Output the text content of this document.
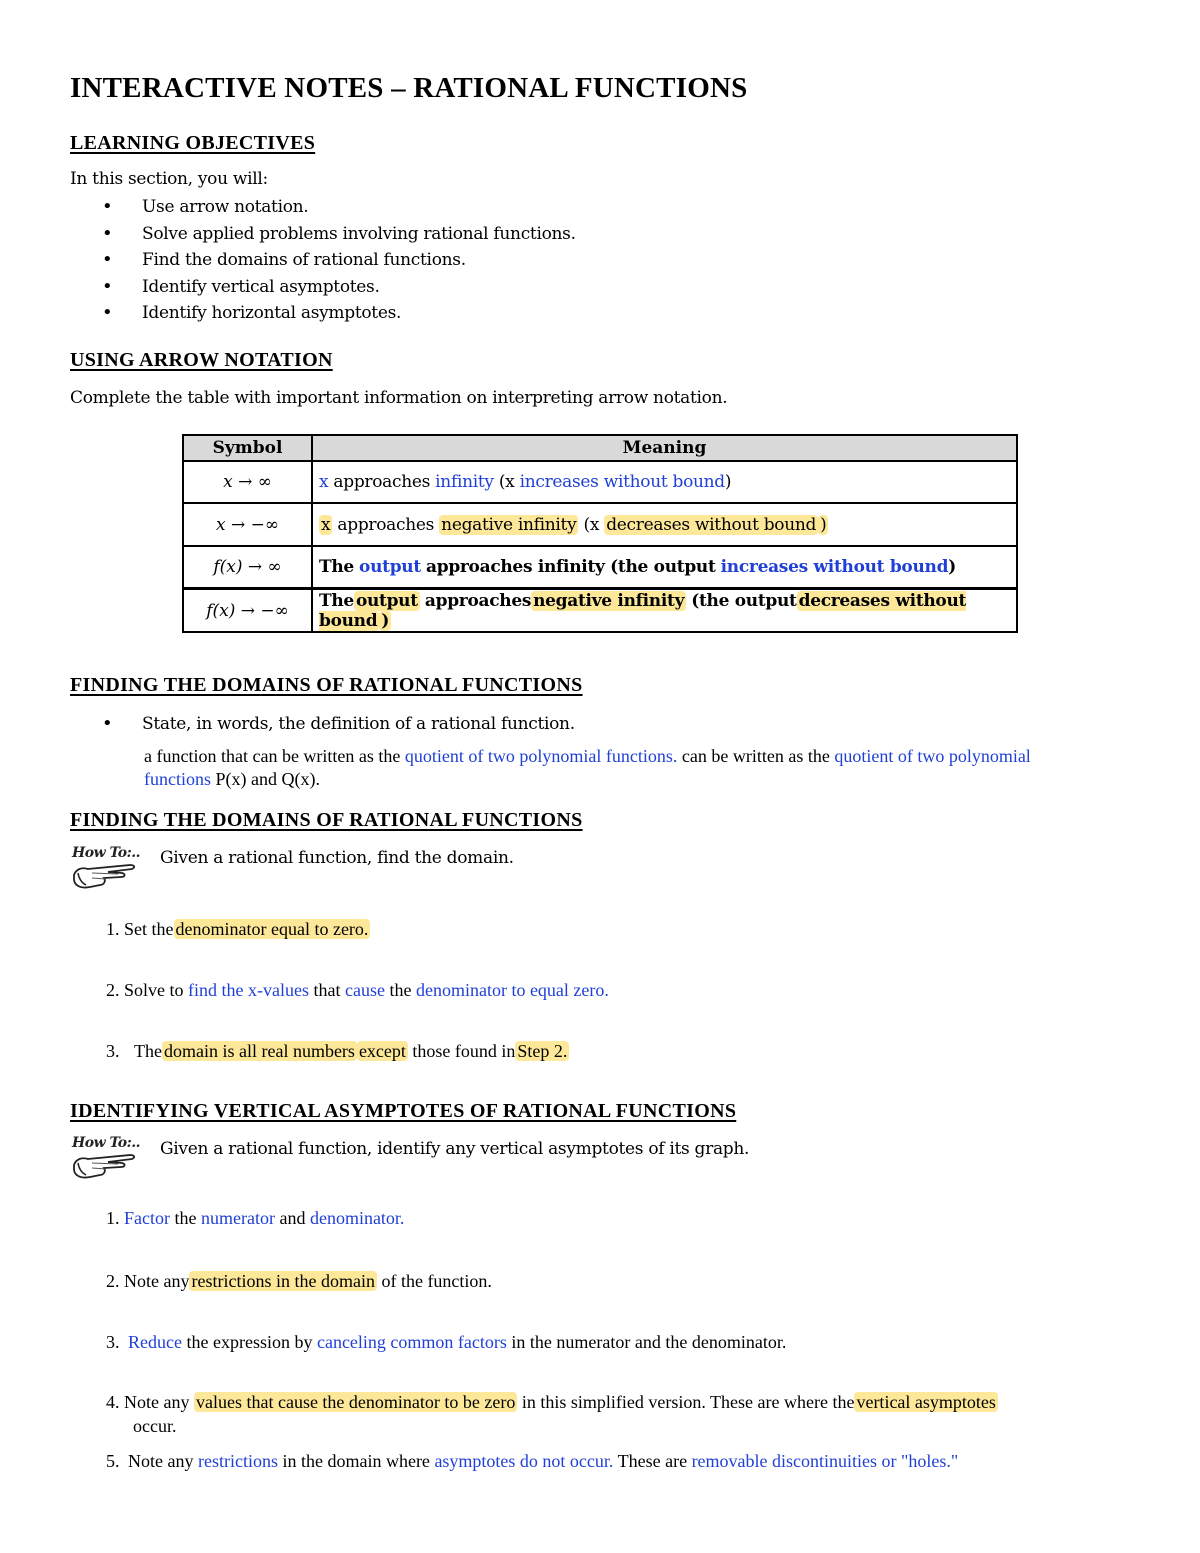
INTERACTIVE NOTES – RATIONAL FUNCTIONS
LEARNING OBJECTIVES
In this section, you will:
• Use arrow notation.
• Solve applied problems involving rational functions.
• Find the domains of rational functions.
• Identify vertical asymptotes.
• Identify horizontal asymptotes.
USING ARROW NOTATION
Complete the table with important information on interpreting arrow notation.
Symbol	Meaning
x → ∞	x approaches infinity (x increases without bound)
x → −∞	x approaches negative infinity (x decreases without bound )
f(x) → ∞	The output approaches infinity (the output increases without bound)
f(x) → −∞	The output approaches negative infinity (the output decreases without bound )
FINDING THE DOMAINS OF RATIONAL FUNCTIONS
• State, in words, the definition of a rational function.
a function that can be written as the quotient of two polynomial functions. can be written as the quotient of two polynomial
functions P(x) and Q(x).
FINDING THE DOMAINS OF RATIONAL FUNCTIONS
How To:.. Given a rational function, find the domain.
1. Set the denominator equal to zero.
2. Solve to find the x-values that cause the denominator to equal zero.
3. The domain is all real numbers except those found in Step 2.
IDENTIFYING VERTICAL ASYMPTOTES OF RATIONAL FUNCTIONS
How To:.. Given a rational function, identify any vertical asymptotes of its graph.
1. Factor the numerator and denominator.
2. Note any restrictions in the domain of the function.
3. Reduce the expression by canceling common factors in the numerator and the denominator.
4. Note any values that cause the denominator to be zero in this simplified version. These are where the vertical asymptotes
occur.
5. Note any restrictions in the domain where asymptotes do not occur. These are removable discontinuities or "holes."
